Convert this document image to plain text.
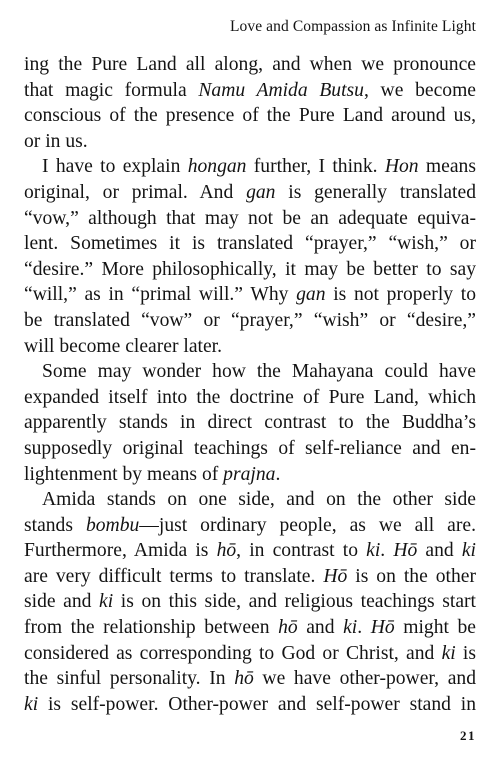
Love and Compassion as Infinite Light
ing the Pure Land all along, and when we pronounce
that magic formula Namu Amida Butsu, we become
conscious of the presence of the Pure Land around us,
or in us.
I have to explain hongan further, I think. Hon means
original, or primal. And gan is generally translated
“vow,” although that may not be an adequate equiva-
lent. Sometimes it is translated “prayer,” “wish,” or
“desire.” More philosophically, it may be better to say
“will,” as in “primal will.” Why gan is not properly to
be translated “vow” or “prayer,” “wish” or “desire,”
will become clearer later.
Some may wonder how the Mahayana could have
expanded itself into the doctrine of Pure Land, which
apparently stands in direct contrast to the Buddha’s
supposedly original teachings of self-reliance and en-
lightenment by means of prajna.
Amida stands on one side, and on the other side
stands bombu—just ordinary people, as we all are.
Furthermore, Amida is hō, in contrast to ki. Hō and ki
are very difficult terms to translate. Hō is on the other
side and ki is on this side, and religious teachings start
from the relationship between hō and ki. Hō might be
considered as corresponding to God or Christ, and ki is
the sinful personality. In hō we have other-power, and
ki is self-power. Other-power and self-power stand in
21
